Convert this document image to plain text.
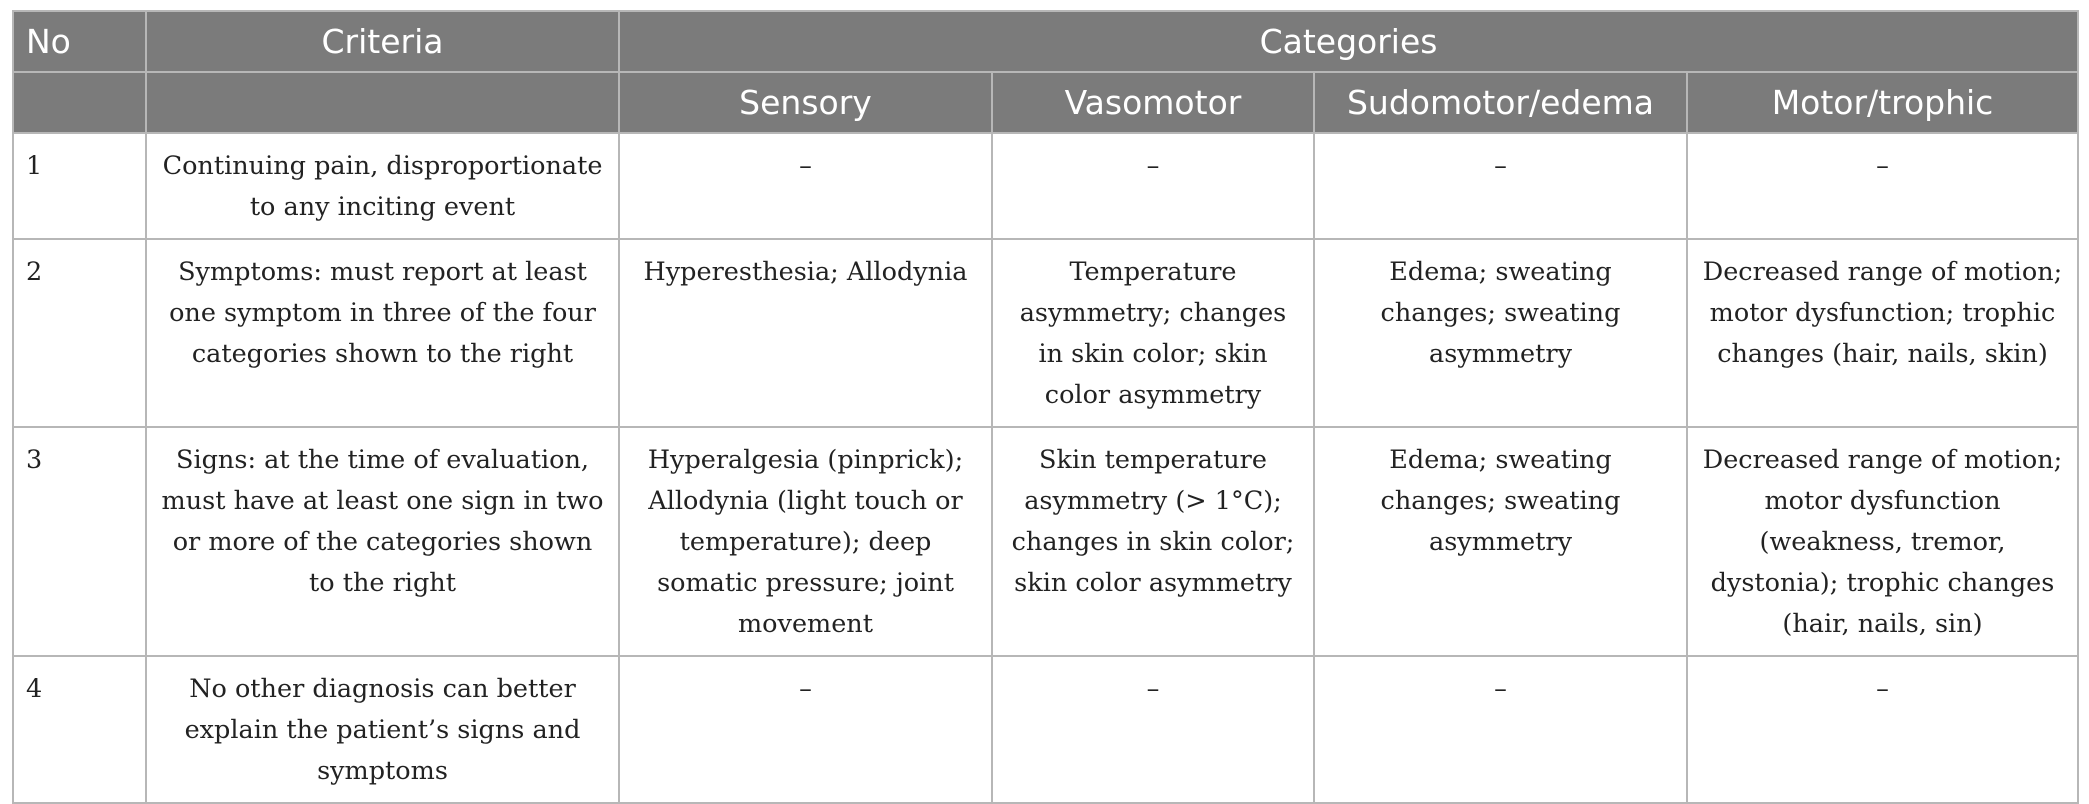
No	Criteria	Categories			
		Sensory	Vasomotor	Sudomotor/edema	Motor/trophic
1	Continuing pain, disproportionate to any inciting event	–	–	–	–
2	Symptoms: must report at least one symptom in three of the four categories shown to the right	Hyperesthesia; Allodynia	Temperature asymmetry; changes in skin color; skin color asymmetry	Edema; sweating changes; sweating asymmetry	Decreased range of motion; motor dysfunction; trophic changes (hair, nails, skin)
3	Signs: at the time of evaluation, must have at least one sign in two or more of the categories shown to the right	Hyperalgesia (pinprick); Allodynia (light touch or temperature); deep somatic pressure; joint movement	Skin temperature asymmetry (> 1°C); changes in skin color; skin color asymmetry	Edema; sweating changes; sweating asymmetry	Decreased range of motion; motor dysfunction (weakness, tremor, dystonia); trophic changes (hair, nails, sin)
4	No other diagnosis can better explain the patient’s signs and symptoms	–	–	–	–
